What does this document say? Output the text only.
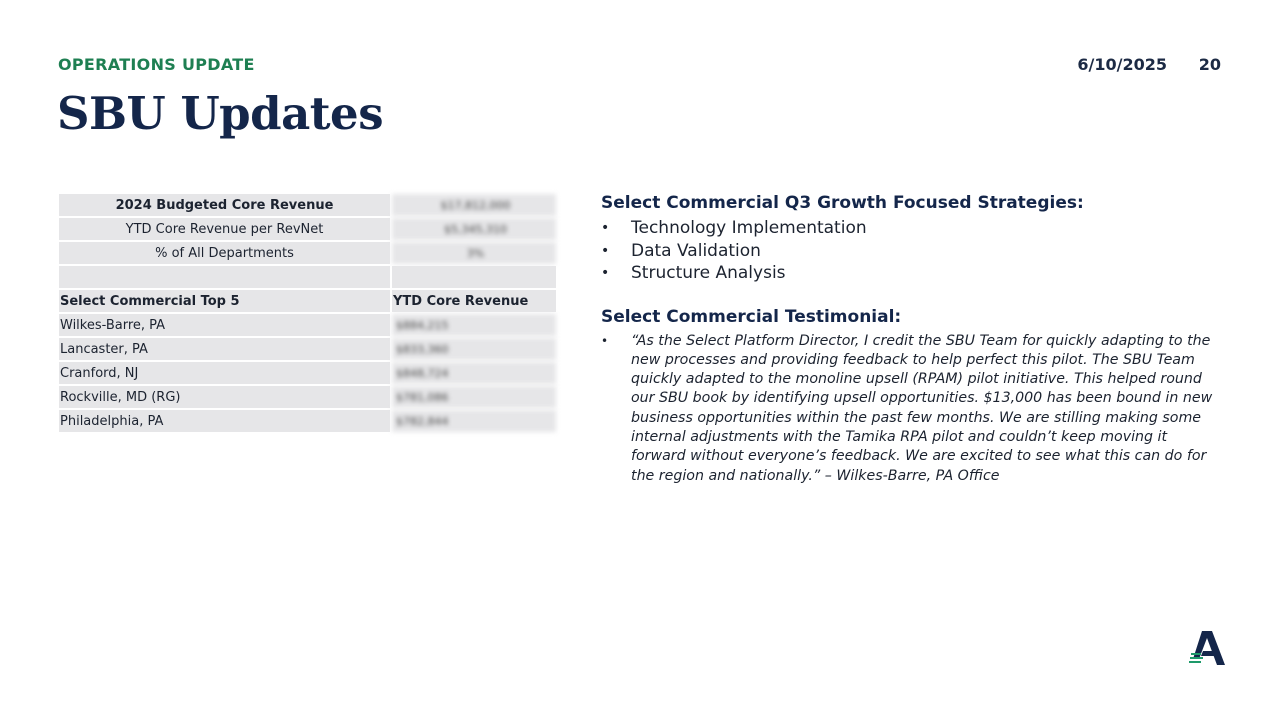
OPERATIONS UPDATE	6/10/2025 20
SBU Updates
2024 Budgeted Core Revenue	$17,812,000
YTD Core Revenue per RevNet	$5,345,310
% of All Departments	3%

Select Commercial Top 5	YTD Core Revenue
Wilkes-Barre, PA	$884,215
Lancaster, PA	$833,360
Cranford, NJ	$848,724
Rockville, MD (RG)	$781,086
Philadelphia, PA	$782,844

Select Commercial Q3 Growth Focused Strategies:

• Technology Implementation
• Data Validation
• Structure Analysis

Select Commercial Testimonial:

• “As the Select Platform Director, I credit the SBU Team for quickly adapting to the new processes and providing feedback to help perfect this pilot. The SBU Team quickly adapted to the monoline upsell (RPAM) pilot initiative. This helped round our SBU book by identifying upsell opportunities. $13,000 has been bound in new business opportunities within the past few months. We are stilling making some internal adjustments with the Tamika RPA pilot and couldn’t keep moving it forward without everyone’s feedback. We are excited to see what this can do for the region and nationally.” – Wilkes-Barre, PA Office
